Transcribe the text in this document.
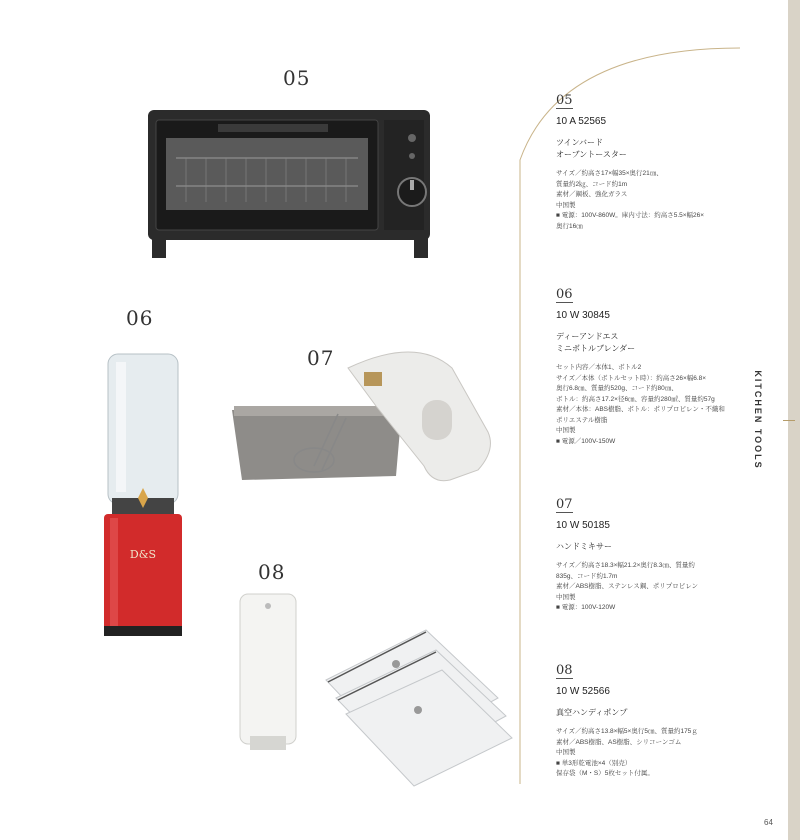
KITCHEN TOOLS
05
06
07
08
D&S
05
10 A 52565
ツインバード
オーブントースター
サイズ／約高さ17×幅35×奥行21㎝、
質量約2㎏、コード約1m
素材／鋼板、強化ガラス
中国製
■ 電源：100V-860W。庫内寸法：約高さ5.5×幅26×
奥行16㎝
06
10 W 30845
ディーアンドエス
ミニボトルブレンダー
セット内容／本体1、ボトル2
サイズ／本体（ボトルセット時）：約高さ26×幅6.8×
奥行6.8㎝、質量約520g、コード約80㎝、
ボトル：約高さ17.2×径6㎝、容量約280㎖、質量約57g
素材／本体：ABS樹脂、ボトル：ポリプロピレン・不織和
ポリエステル樹脂
中国製
■ 電源／100V-150W
07
10 W 50185
ハンドミキサー
サイズ／約高さ18.3×幅21.2×奥行8.3㎝、質量約
835g、コード約1.7m
素材／ABS樹脂、ステンレス鋼、ポリプロピレン
中国製
■ 電源：100V-120W
08
10 W 52566
真空ハンディポンプ
サイズ／約高さ13.8×幅5×奥行5㎝、質量約175ｇ
素材／ABS樹脂、AS樹脂、シリコーンゴム
中国製
■ 単3形乾電池×4（別売）
保存袋（M・S）5枚セット付属。
64
